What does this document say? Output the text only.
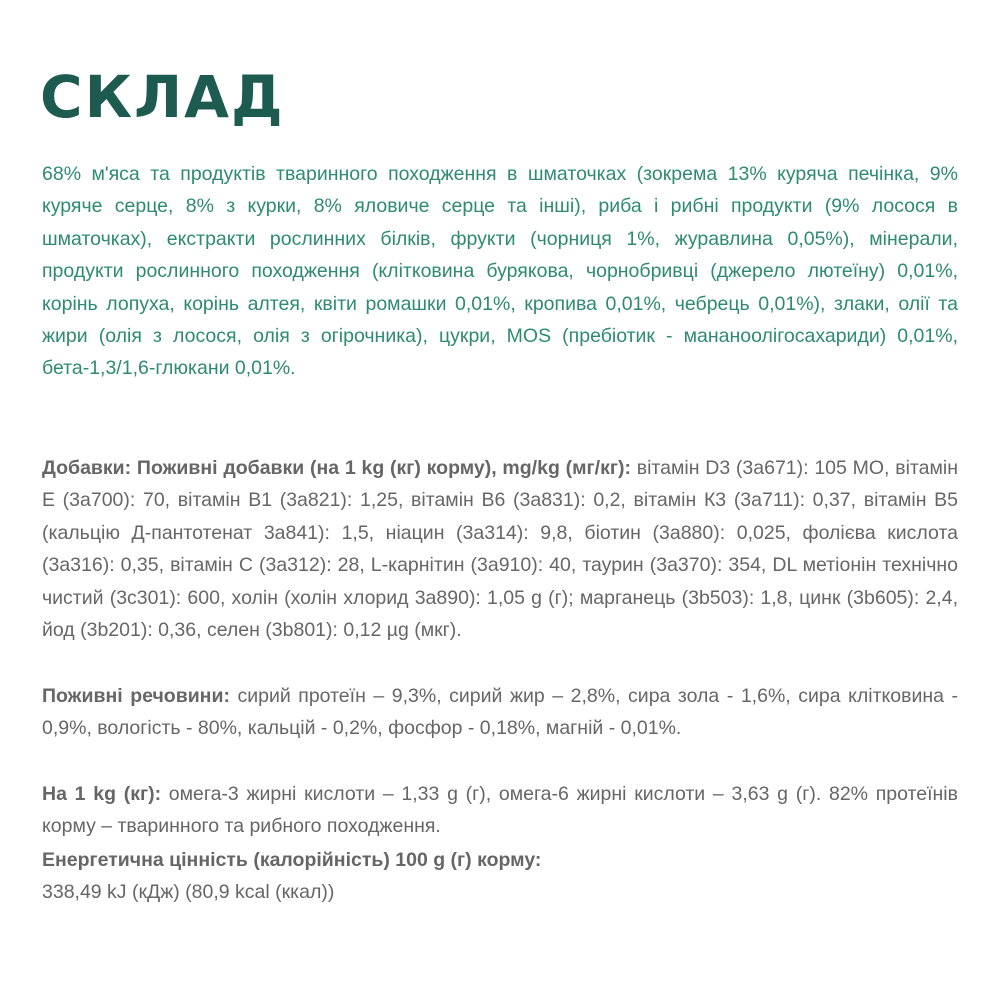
СКЛАД

68% м'яса та продуктів тваринного походження в шматочках (зокрема 13% куряча печінка, 9% куряче серце, 8% з курки, 8% яловиче серце та інші), риба і рибні продукти (9% лосося в шматочках), екстракти рослинних білків, фрукти (чорниця 1%, журавлина 0,05%), мінерали, продукти рослинного походження (клітковина бурякова, чорнобривці (джерело лютеїну) 0,01%, корінь лопуха, корінь алтея, квіти ромашки 0,01%, кропива 0,01%, чебрець 0,01%), злаки, олії та жири (олія з лосося, олія з огірочника), цукри, MOS (пребіотик - мананоолігосахариди) 0,01%, бета-1,3/1,6-глюкани 0,01%.

Добавки: Поживні добавки (на 1 kg (кг) корму), mg/kg (мг/кг): вітамін D3 (3a671): 105 МО, вітамін Е (3a700): 70, вітамін В1 (3a821): 1,25, вітамін В6 (3a831): 0,2, вітамін К3 (3a711): 0,37, вітамін В5 (кальцію Д-пантотенат 3a841): 1,5, ніацин (3a314): 9,8, біотин (3a880): 0,025, фолієва кислота (3a316): 0,35, вітамін С (3a312): 28, L-карнітин (3a910): 40, таурин (3a370): 354, DL метіонін технічно чистий (3c301): 600, холін (холін хлорид 3a890): 1,05 g (г); марганець (3b503): 1,8, цинк (3b605): 2,4, йод (3b201): 0,36, селен (3b801): 0,12 µg (мкг).

Поживні речовини: сирий протеїн – 9,3%, сирий жир – 2,8%, сира зола - 1,6%, сира клітковина - 0,9%, вологість - 80%, кальцій - 0,2%, фосфор - 0,18%, магній - 0,01%.

На 1 kg (кг): омега-3 жирні кислоти – 1,33 g (г), омега-6 жирні кислоти – 3,63 g (г). 82% протеїнів корму – тваринного та рибного походження.

Енергетична цінність (калорійність) 100 g (г) корму:
338,49 kJ (кДж) (80,9 kcal (ккал))
